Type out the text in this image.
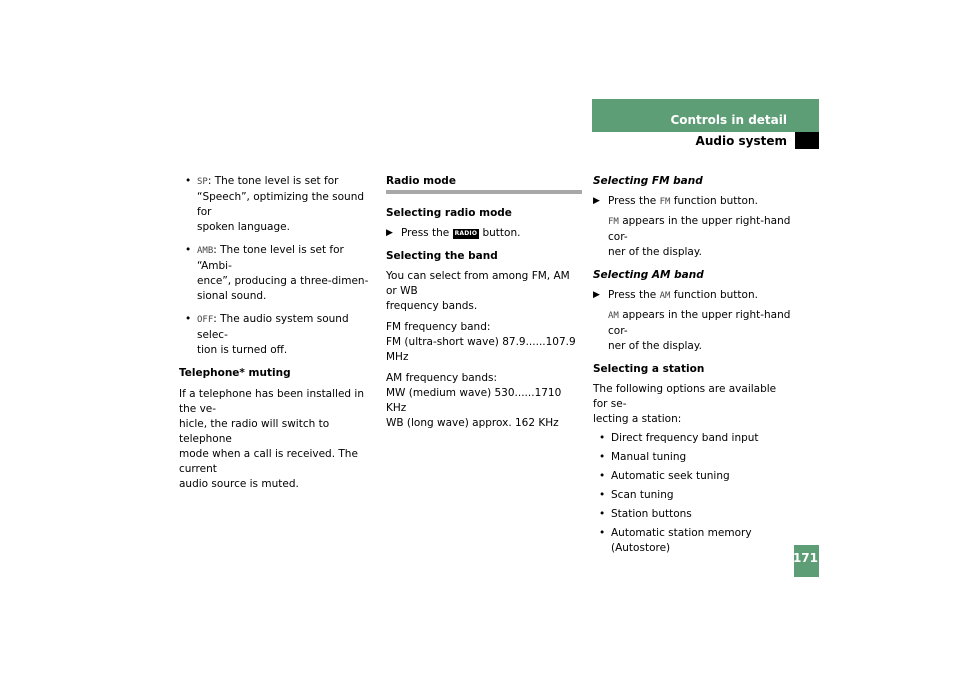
Controls in detail
Audio system

• SP: The tone level is set for
“Speech”, optimizing the sound for
spoken language.

• AMB: The tone level is set for “Ambi-
ence”, producing a three-dimen-
sional sound.

• OFF: The audio system sound selec-
tion is turned off.

Telephone* muting

If a telephone has been installed in the ve-
hicle, the radio will switch to telephone
mode when a call is received. The current
audio source is muted.

Radio mode

Selecting radio mode

▶ Press the RADIO button.

Selecting the band

You can select from among FM, AM or WB
frequency bands.

FM frequency band:
FM (ultra-short wave) 87.9......107.9 MHz

AM frequency bands:
MW (medium wave) 530......1710 KHz
WB (long wave) approx. 162 KHz

Selecting FM band

▶ Press the FM function button.

FM appears in the upper right-hand cor-
ner of the display.

Selecting AM band

▶ Press the AM function button.

AM appears in the upper right-hand cor-
ner of the display.

Selecting a station

The following options are available for se-
lecting a station:

• Direct frequency band input

• Manual tuning

• Automatic seek tuning

• Scan tuning

• Station buttons

• Automatic station memory (Autostore)

171
